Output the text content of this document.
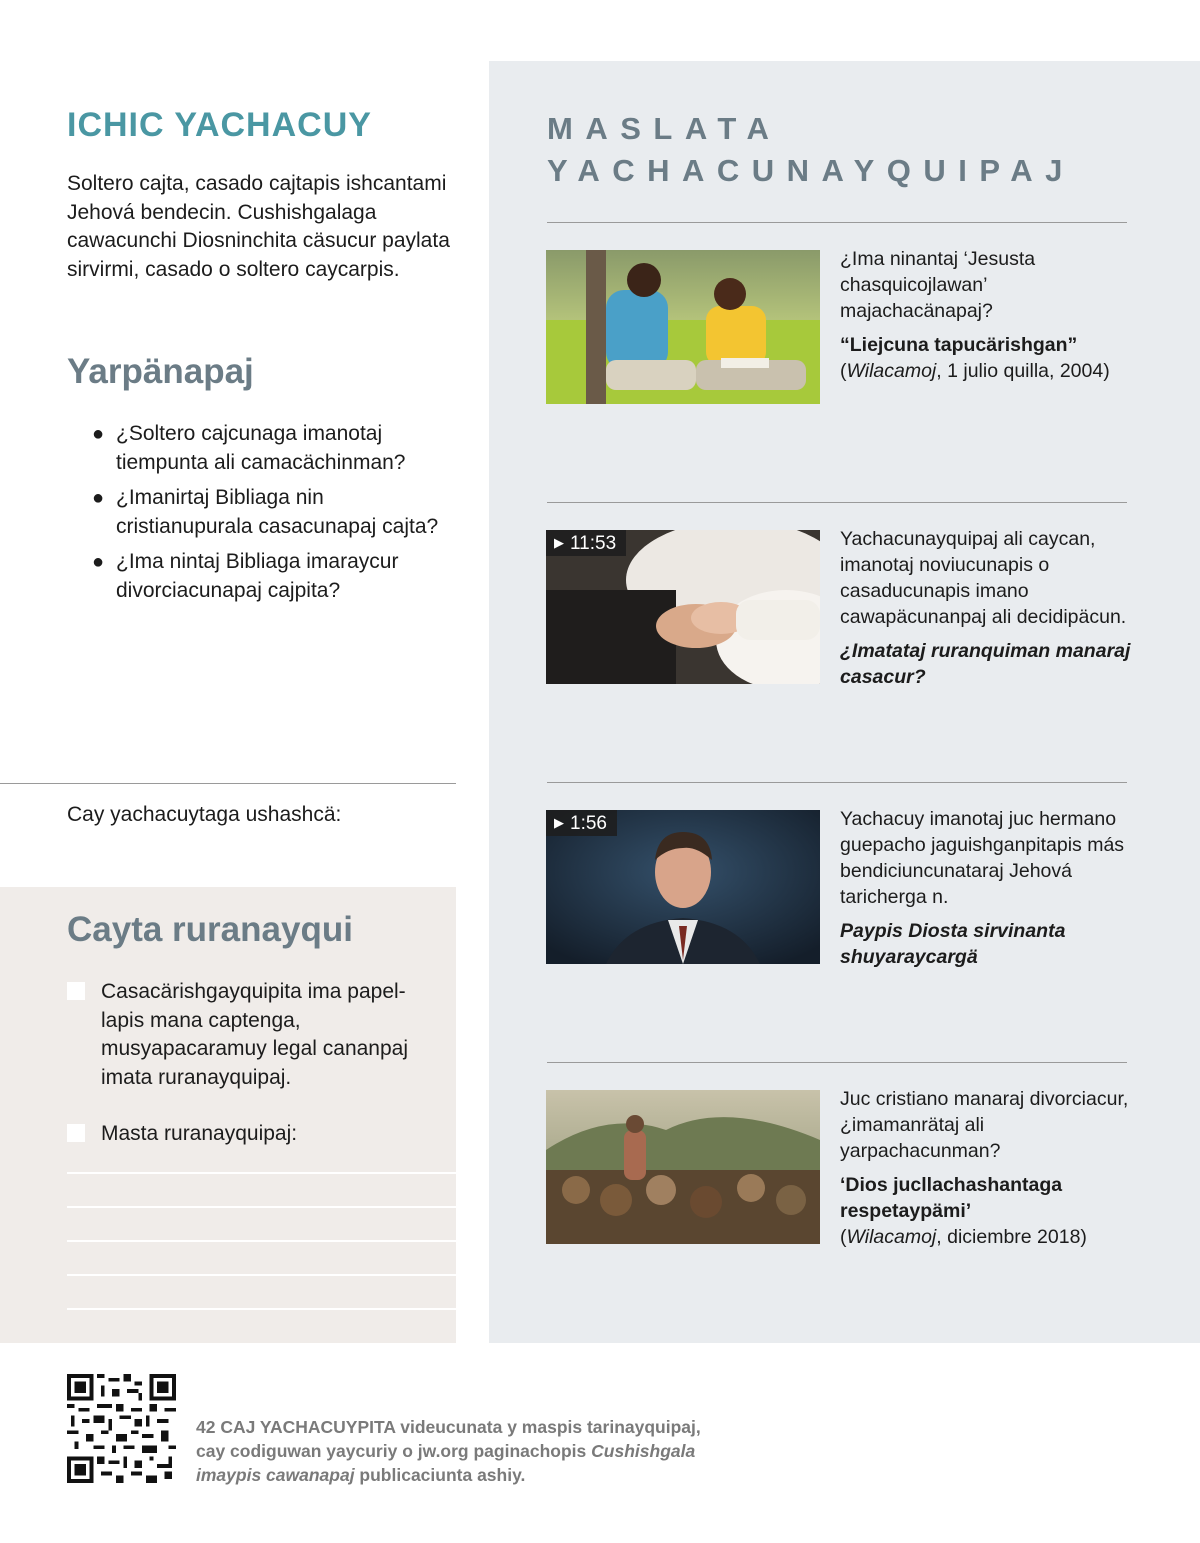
ICHIC YACHACUY

Soltero cajta, casado cajtapis ishcantami Jehová bendecin. Cushishgalaga cawacunchi Diosninchita cäsucur paylata sirvirmi, casado o soltero caycarpis.

Yarpänapaj
● ¿Soltero cajcunaga imanotaj tiempunta ali camacächinman?
● ¿Imanirtaj Bibliaga nin cristianupurala casacunapaj cajta?
● ¿Ima nintaj Bibliaga imaraycur divorciacunapaj cajpita?
Cay yachacuytaga ushashcä:
Cayta ruranayqui
Casacärishgayquipita ima papel-lapis mana captenga, musyapacaramuy legal cananpaj imata ruranayquipaj.
Masta ruranayquipaj:
MASLATA
YACHACUNAYQUIPAJ
¿Ima ninantaj ‘Jesusta chasquicojlawan’ majachacänapaj?
“Liejcuna tapucärishgan”
(Wilacamoj, 1 julio quilla, 2004)
▶ 11:53	Yachacunayquipaj ali caycan, imanotaj noviucunapis o casaducunapis imano cawapäcunanpaj ali decidipäcun.
¿Imatataj ruranquiman manaraj casacur?
▶ 1:56	Yachacuy imanotaj juc hermano guepacho jaguishganpitapis más bendiciuncunataraj Jehová taricherga n.
Paypis Diosta sirvinanta shuyaraycargä
Juc cristiano manaraj divorciacur, ¿imamanrätaj ali yarpachacunman?
‘Dios jucllachashantaga respetaypämi’
(Wilacamoj, diciembre 2018)

42 CAJ YACHACUYPITA videucunata y maspis tarinayquipaj, cay codiguwan yaycuriy o jw.org paginachopis Cushishgala imaypis cawanapaj publicaciunta ashiy.
